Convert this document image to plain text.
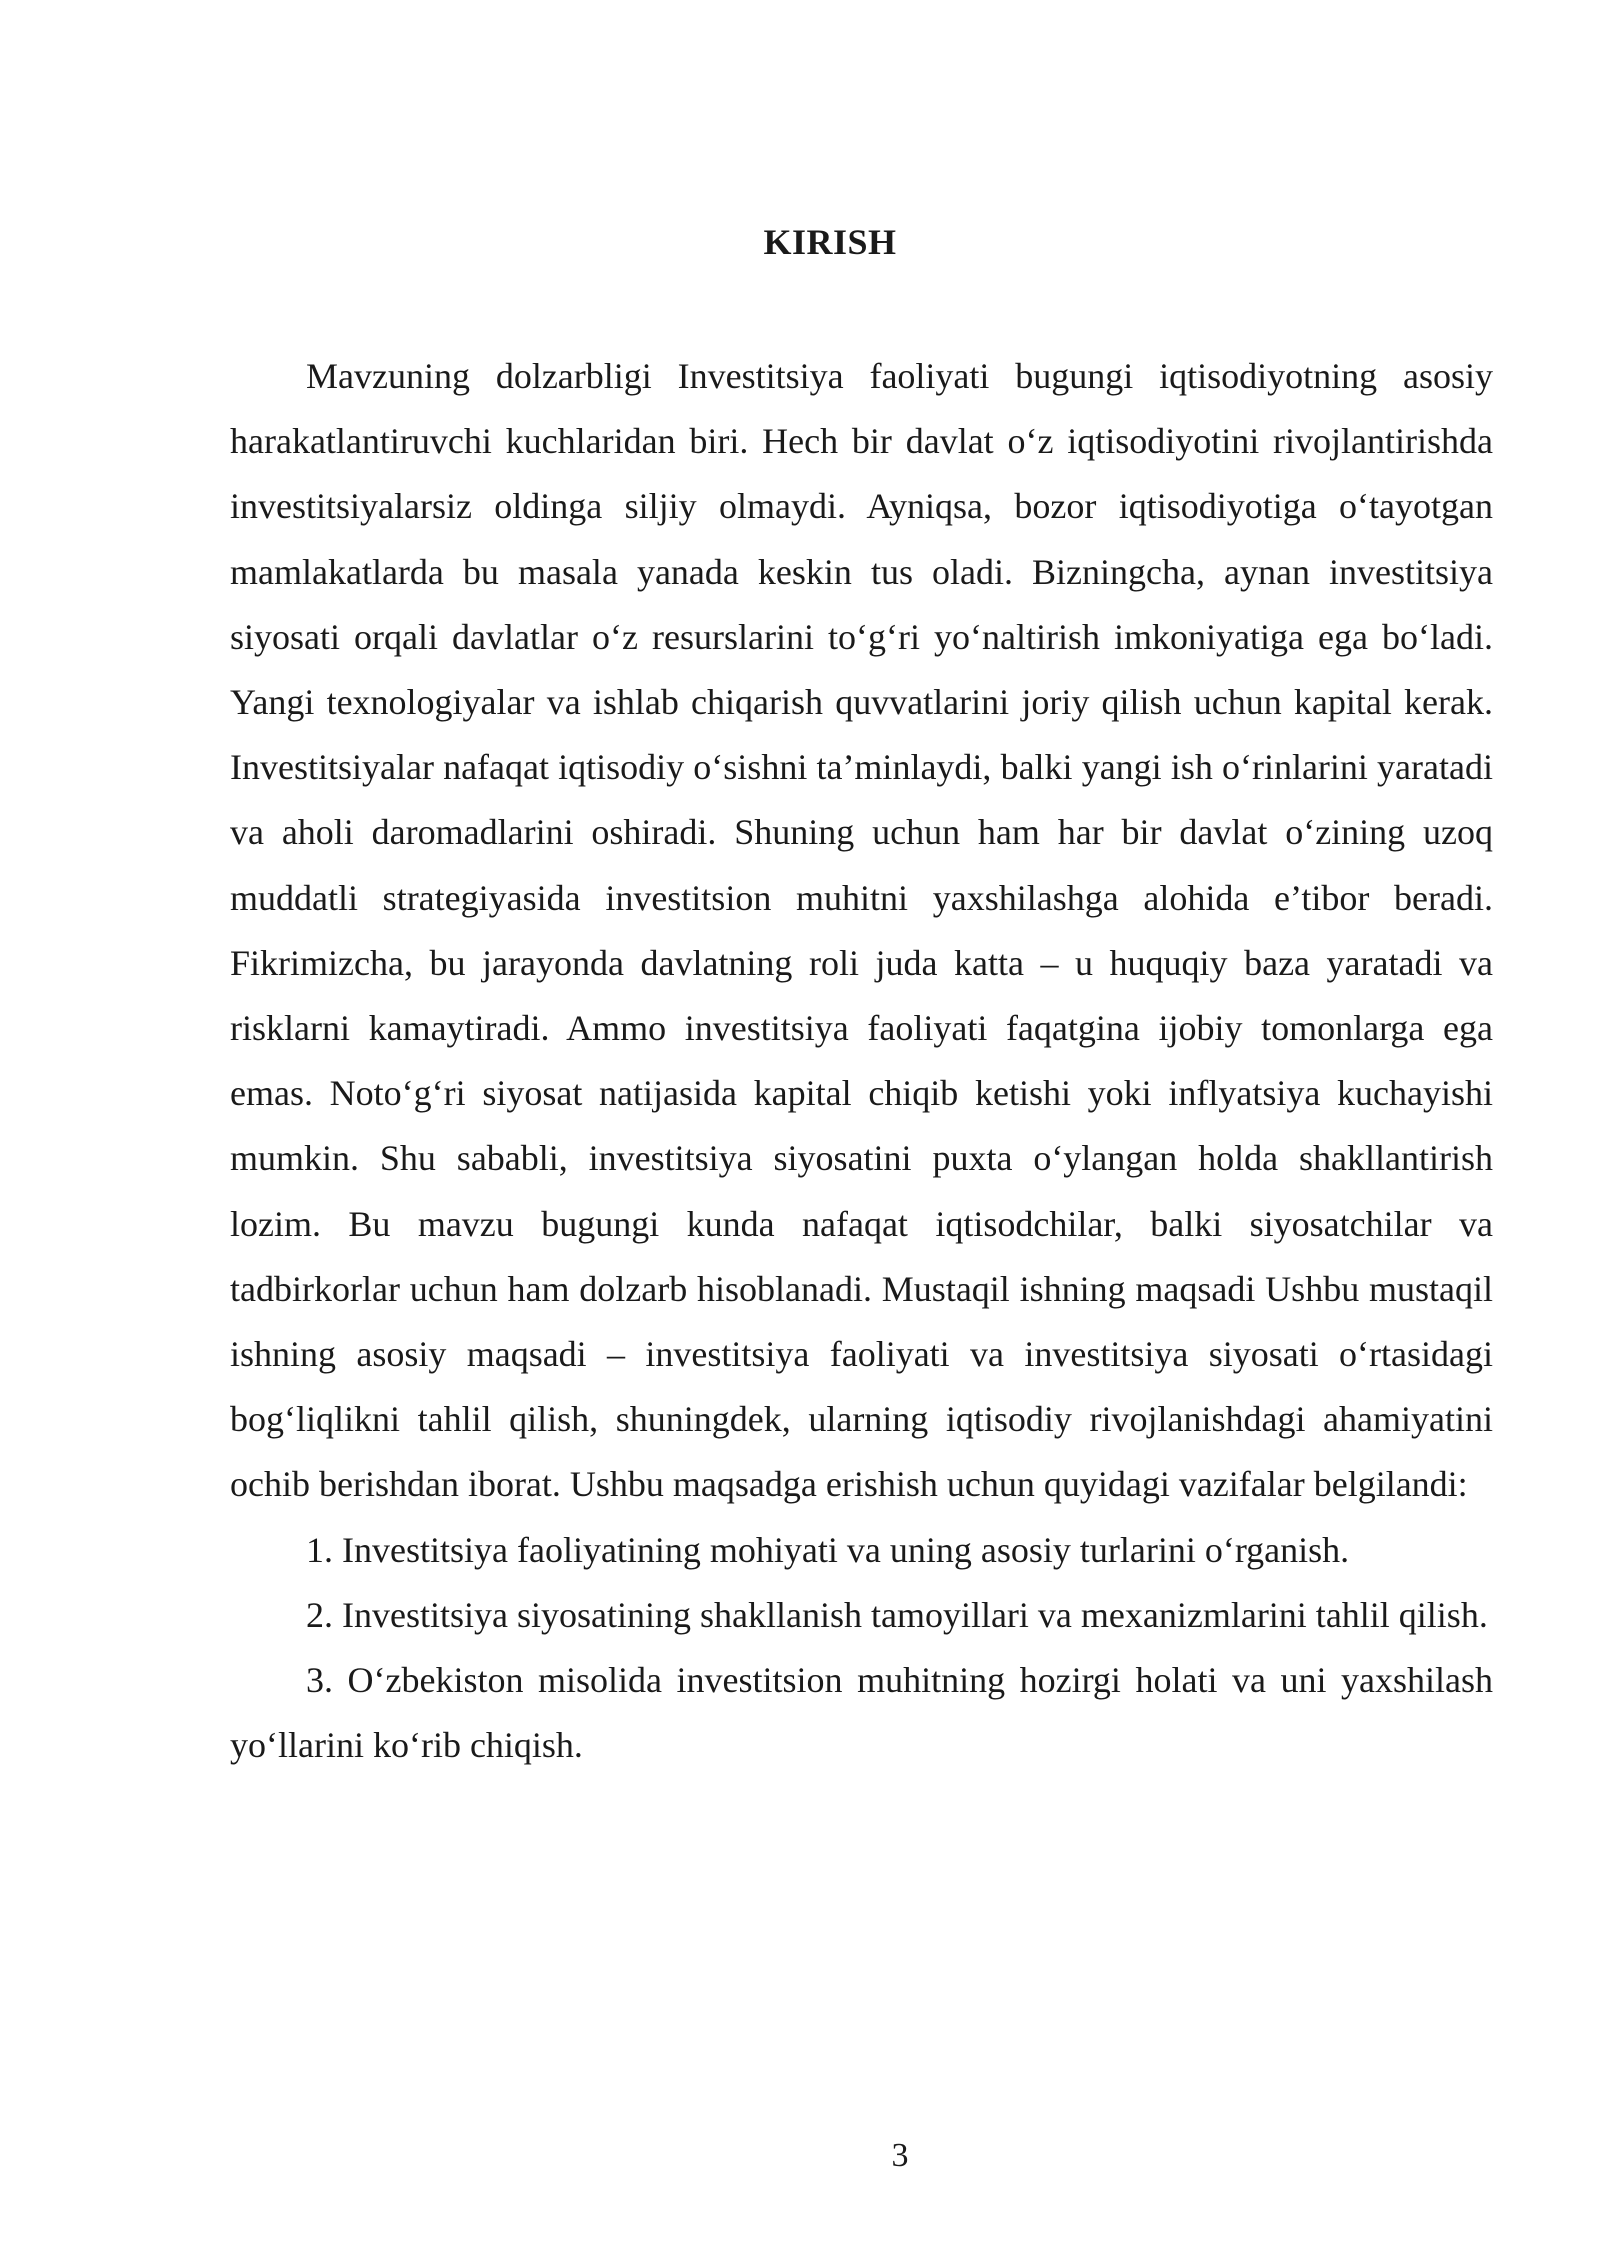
KIRISH

Mavzuning dolzarbligi Investitsiya faoliyati bugungi iqtisodiyotning asosiy harakatlantiruvchi kuchlaridan biri. Hech bir davlat o‘z iqtisodiyotini rivojlantirishda investitsiyalarsiz oldinga siljiy olmaydi. Ayniqsa, bozor iqtisodiyotiga o‘tayotgan mamlakatlarda bu masala yanada keskin tus oladi. Bizningcha, aynan investitsiya siyosati orqali davlatlar o‘z resurslarini to‘g‘ri yo‘naltirish imkoniyatiga ega bo‘ladi. Yangi texnologiyalar va ishlab chiqarish quvvatlarini joriy qilish uchun kapital kerak. Investitsiyalar nafaqat iqtisodiy o‘sishni ta’minlaydi, balki yangi ish o‘rinlarini yaratadi va aholi daromadlarini oshiradi. Shuning uchun ham har bir davlat o‘zining uzoq muddatli strategiyasida investitsion muhitni yaxshilashga alohida e’tibor beradi. Fikrimizcha, bu jarayonda davlatning roli juda katta – u huquqiy baza yaratadi va risklarni kamaytiradi. Ammo investitsiya faoliyati faqatgina ijobiy tomonlarga ega emas. Noto‘g‘ri siyosat natijasida kapital chiqib ketishi yoki inflyatsiya kuchayishi mumkin. Shu sababli, investitsiya siyosatini puxta o‘ylangan holda shakllantirish lozim. Bu mavzu bugungi kunda nafaqat iqtisodchilar, balki siyosatchilar va tadbirkorlar uchun ham dolzarb hisoblanadi. Mustaqil ishning maqsadi Ushbu mustaqil ishning asosiy maqsadi – investitsiya faoliyati va investitsiya siyosati o‘rtasidagi bog‘liqlikni tahlil qilish, shuningdek, ularning iqtisodiy rivojlanishdagi ahamiyatini ochib berishdan iborat. Ushbu maqsadga erishish uchun quyidagi vazifalar belgilandi:

1. Investitsiya faoliyatining mohiyati va uning asosiy turlarini o‘rganish.

2. Investitsiya siyosatining shakllanish tamoyillari va mexanizmlarini tahlil qilish.

3. O‘zbekiston misolida investitsion muhitning hozirgi holati va uni yaxshilash yo‘llarini ko‘rib chiqish.

3
